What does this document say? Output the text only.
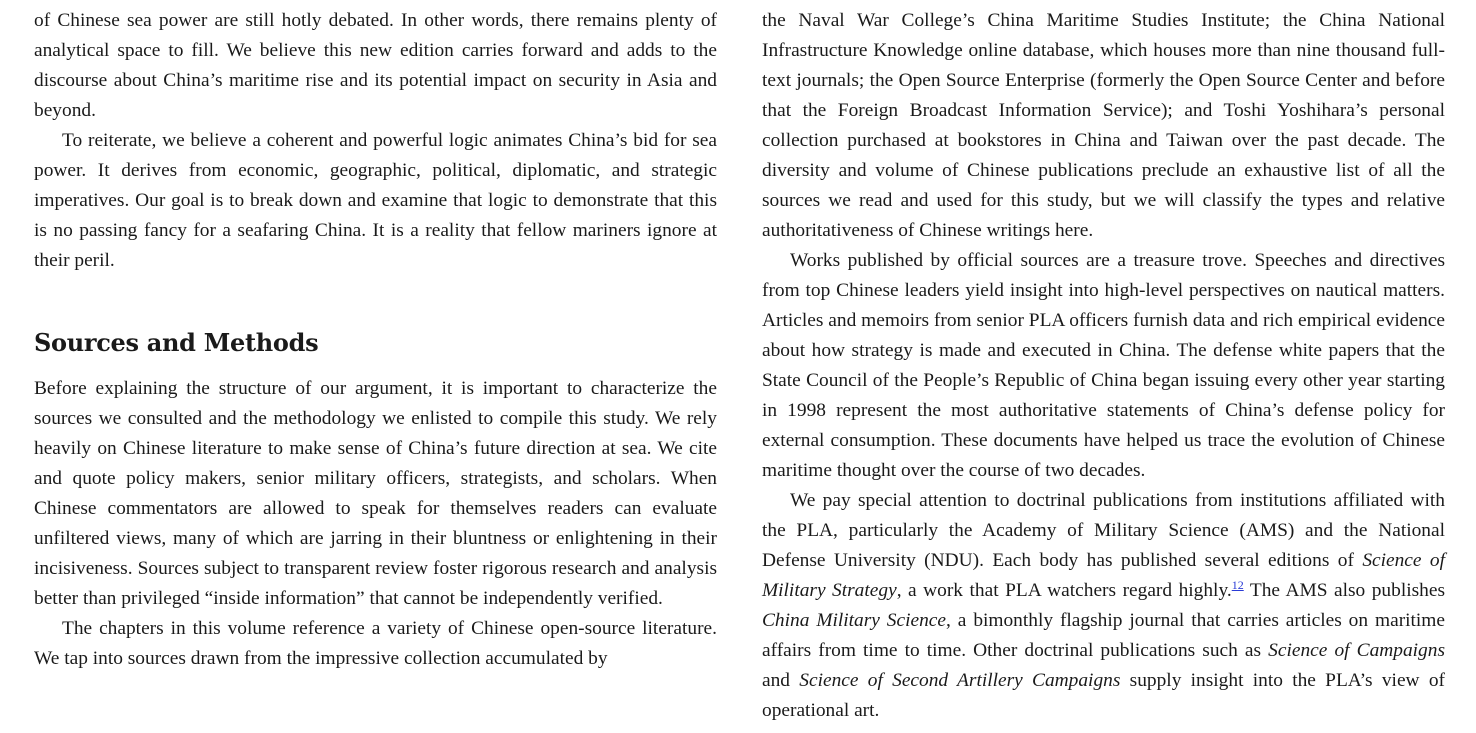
of Chinese sea power are still hotly debated. In other words, there remains plenty of analytical space to fill. We believe this new edition carries forward and adds to the discourse about China’s maritime rise and its potential impact on security in Asia and beyond.

To reiterate, we believe a coherent and powerful logic animates China’s bid for sea power. It derives from economic, geographic, political, diplomatic, and strategic imperatives. Our goal is to break down and examine that logic to demonstrate that this is no passing fancy for a seafaring China. It is a reality that fellow mariners ignore at their peril.

Sources and Methods

Before explaining the structure of our argument, it is important to characterize the sources we consulted and the methodology we enlisted to compile this study. We rely heavily on Chinese literature to make sense of China’s future direction at sea. We cite and quote policy makers, senior military officers, strategists, and scholars. When Chinese commentators are allowed to speak for themselves readers can evaluate unfiltered views, many of which are jarring in their bluntness or enlightening in their incisiveness. Sources subject to transparent review foster rigorous research and analysis better than privileged “inside information” that cannot be independently verified.

The chapters in this volume reference a variety of Chinese open-source literature. We tap into sources drawn from the impressive collection accumulated by

the Naval War College’s China Maritime Studies Institute; the China National Infrastructure Knowledge online database, which houses more than nine thousand full-text journals; the Open Source Enterprise (formerly the Open Source Center and before that the Foreign Broadcast Information Service); and Toshi Yoshihara’s personal collection purchased at bookstores in China and Taiwan over the past decade. The diversity and volume of Chinese publications preclude an exhaustive list of all the sources we read and used for this study, but we will classify the types and relative authoritativeness of Chinese writings here.

Works published by official sources are a treasure trove. Speeches and directives from top Chinese leaders yield insight into high-level perspectives on nautical matters. Articles and memoirs from senior PLA officers furnish data and rich empirical evidence about how strategy is made and executed in China. The defense white papers that the State Council of the People’s Republic of China began issuing every other year starting in 1998 represent the most authoritative statements of China’s defense policy for external consumption. These documents have helped us trace the evolution of Chinese maritime thought over the course of two decades.

We pay special attention to doctrinal publications from institutions affiliated with the PLA, particularly the Academy of Military Science (AMS) and the National Defense University (NDU). Each body has published several editions of Science of Military Strategy, a work that PLA watchers regard highly.$^{12}$ The AMS also publishes China Military Science, a bimonthly flagship journal that carries articles on maritime affairs from time to time. Other doctrinal publications such as Science of Campaigns and Science of Second Artillery Campaigns supply insight into the PLA’s view of operational art.
